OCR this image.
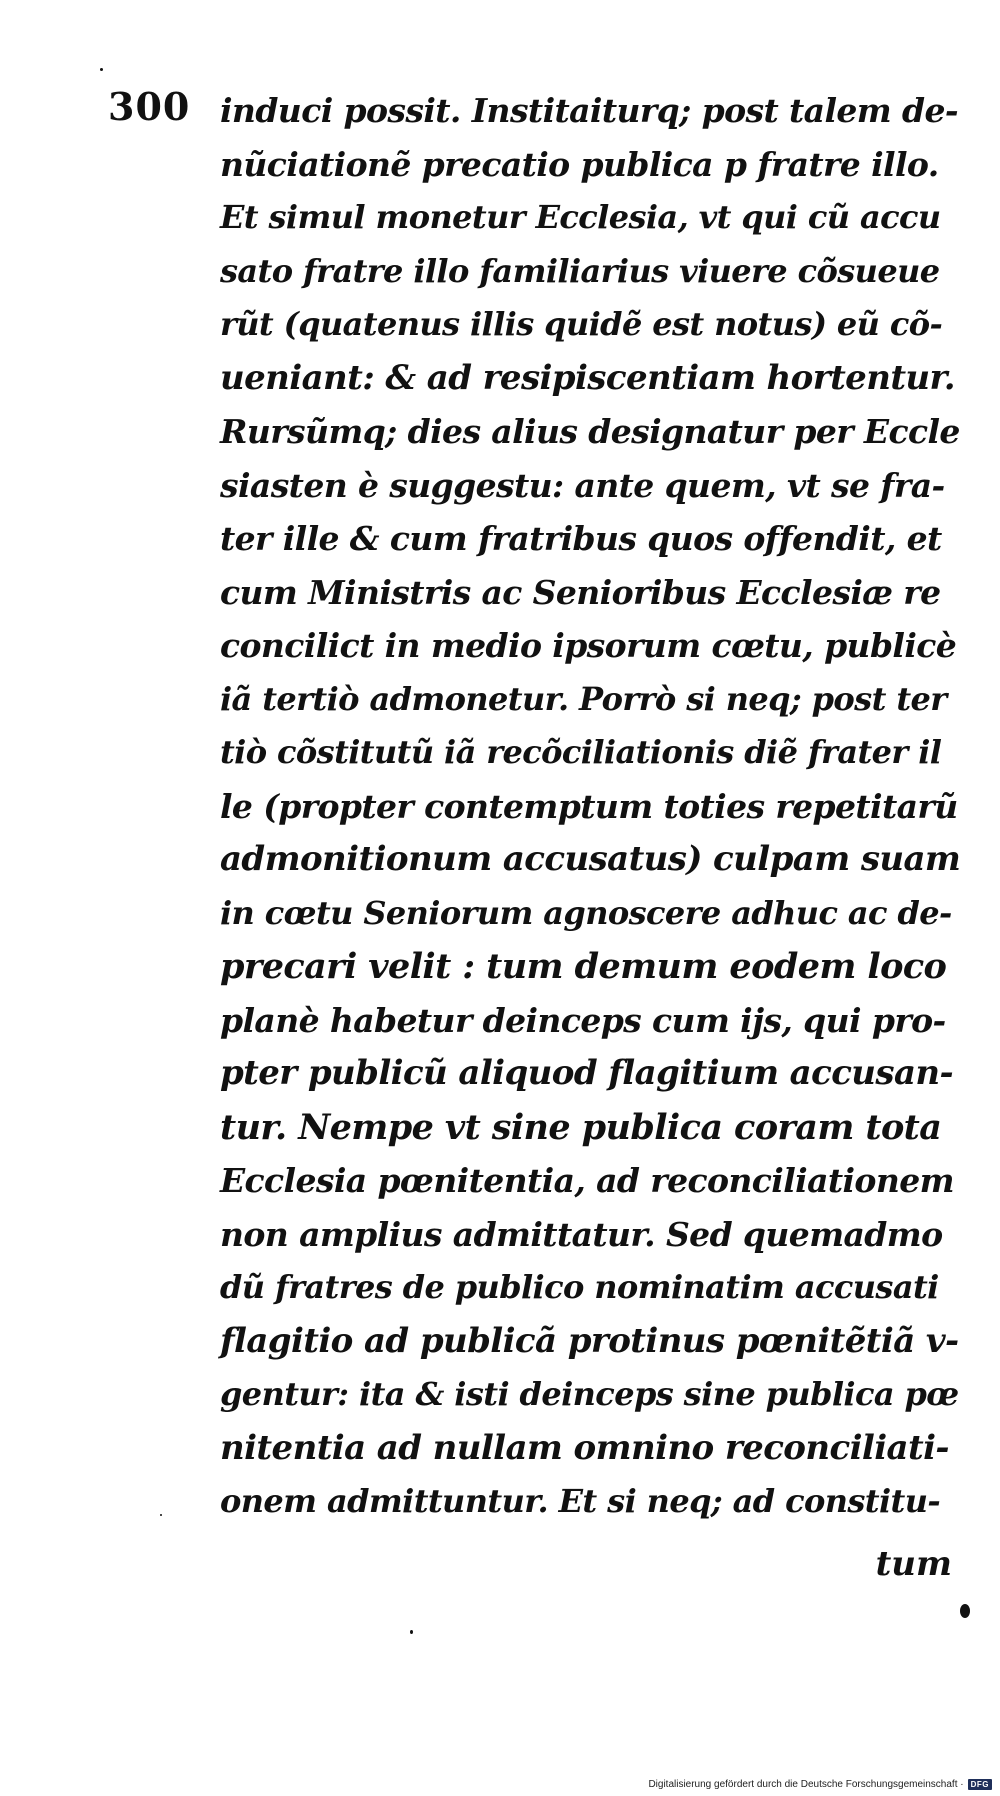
300 induci possit. Institaiturq; post talem de-
nũciationẽ precatio publica p fratre illo.
Et simul monetur Ecclesia, vt qui cũ accu
sato fratre illo familiarius viuere cõsueue
rũt (quatenus illis quidẽ est notus) eũ cõ-
ueniant: & ad resipiscentiam hortentur.
Rursũmq; dies alius designatur per Eccle
siasten è suggestu: ante quem, vt se fra-
ter ille & cum fratribus quos offendit, et
cum Ministris ac Senioribus Ecclesiæ re
concilict in medio ipsorum cœtu, publicè
iã tertiò admonetur. Porrò si neq; post ter
tiò cõstitutũ iã recõciliationis diẽ frater il
le (propter contemptum toties repetitarũ
admonitionum accusatus) culpam suam
in cœtu Seniorum agnoscere adhuc ac de-
precari velit : tum demum eodem loco
planè habetur deinceps cum ijs, qui pro-
pter publicũ aliquod flagitium accusan-
tur. Nempe vt sine publica coram tota
Ecclesia pœnitentia, ad reconciliationem
non amplius admittatur. Sed quemadmo
dũ fratres de publico nominatim accusati
flagitio ad publicã protinus pœnitẽtiã v-
gentur: ita & isti deinceps sine publica pœ
nitentia ad nullam omnino reconciliati-
onem admittuntur. Et si neq; ad constitu-
tum
Digitalisierung gefördert durch die Deutsche Forschungsgemeinschaft · DFG
